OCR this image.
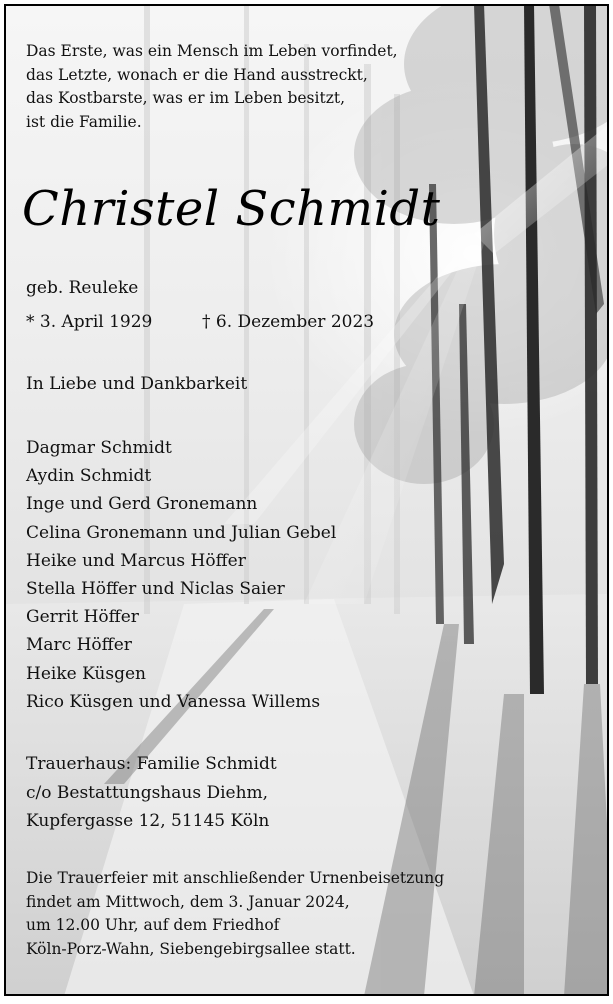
Das Erste, was ein Mensch im Leben vorfindet,
das Letzte, wonach er die Hand ausstreckt,
das Kostbarste, was er im Leben besitzt,
ist die Familie.
Christel Schmidt
geb. Reuleke
* 3. April 1929	† 6. Dezember 2023
In Liebe und Dankbarkeit
Dagmar Schmidt
Aydin Schmidt
Inge und Gerd Gronemann
Celina Gronemann und Julian Gebel
Heike und Marcus Höffer
Stella Höffer und Niclas Saier
Gerrit Höffer
Marc Höffer
Heike Küsgen
Rico Küsgen und Vanessa Willems
Trauerhaus: Familie Schmidt
c/o Bestattungshaus Diehm,
Kupfergasse 12, 51145 Köln
Die Trauerfeier mit anschließender Urnenbeisetzung
findet am Mittwoch, dem 3. Januar 2024,
um 12.00 Uhr, auf dem Friedhof
Köln-Porz-Wahn, Siebengebirgsallee statt.
